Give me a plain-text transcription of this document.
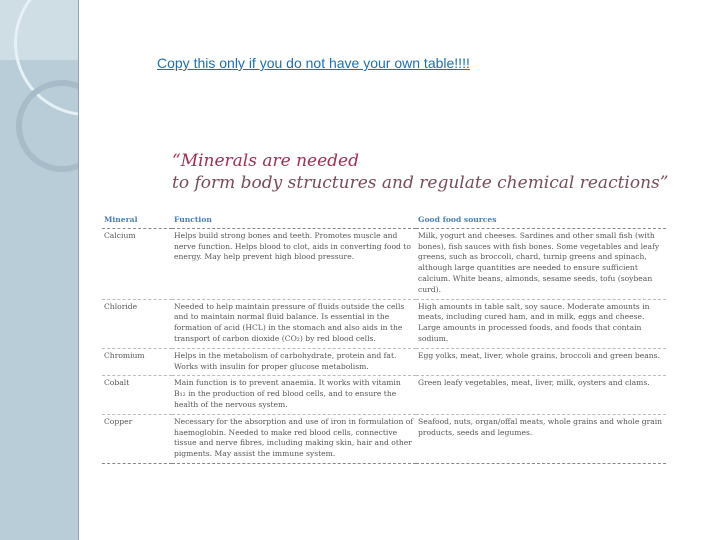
Copy this only if you do not have your own table!!!!
“Minerals are needed
to form body structures and regulate chemical reactions”
Mineral	Function	Good food sources
Calcium	Helps build strong bones and teeth. Promotes muscle and nerve function. Helps blood to clot, aids in converting food to energy. May help prevent high blood pressure.	Milk, yogurt and cheeses. Sardines and other small fish (with bones), fish sauces with fish bones. Some vegetables and leafy greens, such as broccoli, chard, turnip greens and spinach, although large quantities are needed to ensure sufficient calcium. White beans, almonds, sesame seeds, tofu (soybean curd).
Chloride	Needed to help maintain pressure of fluids outside the cells and to maintain normal fluid balance. Is essential in the formation of acid (HCL) in the stomach and also aids in the transport of carbon dioxide (CO₂) by red blood cells.	High amounts in table salt, soy sauce. Moderate amounts in meats, including cured ham, and in milk, eggs and cheese. Large amounts in processed foods, and foods that contain sodium.
Chromium	Helps in the metabolism of carbohydrate, protein and fat. Works with insulin for proper glucose metabolism.	Egg yolks, meat, liver, whole grains, broccoli and green beans.
Cobalt	Main function is to prevent anaemia. It works with vitamin B₁₂ in the production of red blood cells, and to ensure the health of the nervous system.	Green leafy vegetables, meat, liver, milk, oysters and clams.
Copper	Necessary for the absorption and use of iron in formulation of haemoglobin. Needed to make red blood cells, connective tissue and nerve fibres, including making skin, hair and other pigments. May assist the immune system.	Seafood, nuts, organ/offal meats, whole grains and whole grain products, seeds and legumes.
